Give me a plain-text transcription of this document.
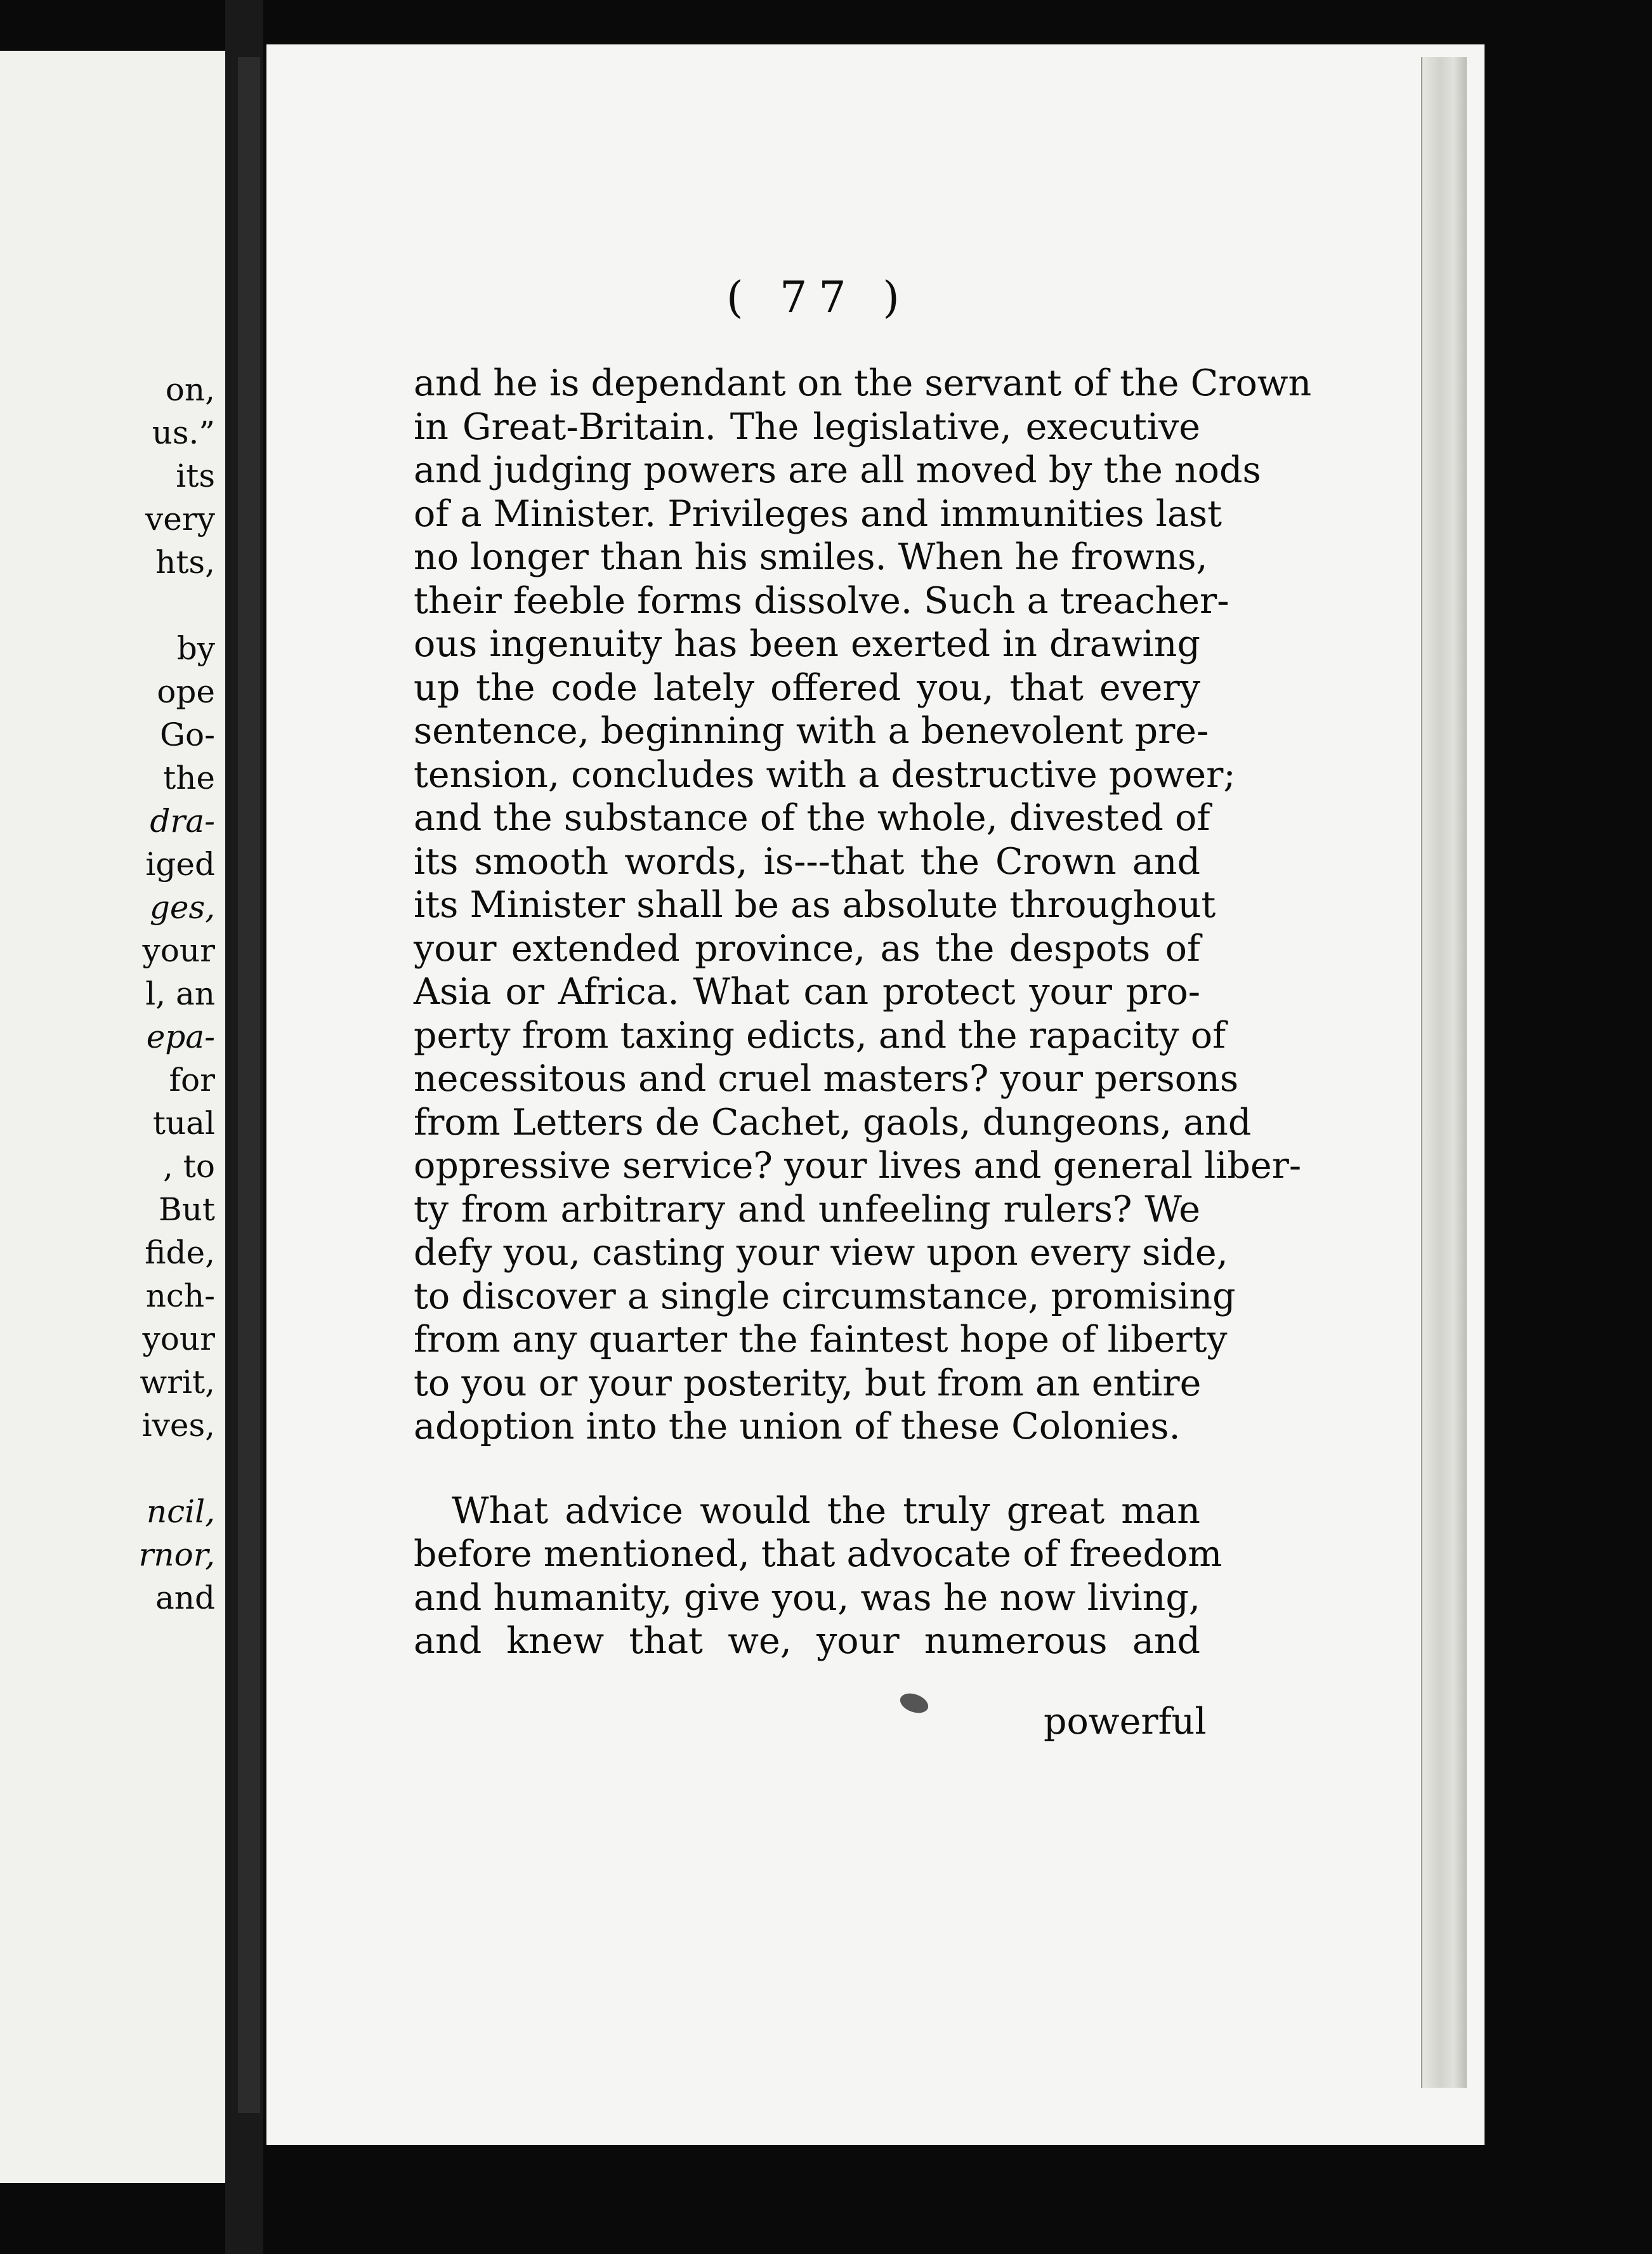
on,
us.”
its
very
hts,
by
ope
Go-
the
dra-
iged
ges,
your
l, an
epa-
for
tual
, to
But
fide,
nch-
your
writ,
ives,
ncil,
rnor,
and
( 77 )
and he is dependant on the servant of the Crown
in Great-Britain. The legislative, executive
and judging powers are all moved by the nods
of a Minister. Privileges and immunities last
no longer than his smiles. When he frowns,
their feeble forms dissolve. Such a treacher-
ous ingenuity has been exerted in drawing
up the code lately offered you, that every
sentence, beginning with a benevolent pre-
tension, concludes with a destructive power;
and the substance of the whole, divested of
its smooth words, is---that the Crown and
its Minister shall be as absolute throughout
your extended province, as the despots of
Asia or Africa. What can protect your pro-
perty from taxing edicts, and the rapacity of
necessitous and cruel masters? your persons
from Letters de Cachet, gaols, dungeons, and
oppressive service? your lives and general liber-
ty from arbitrary and unfeeling rulers? We
defy you, casting your view upon every side,
to discover a single circumstance, promising
from any quarter the faintest hope of liberty
to you or your posterity, but from an entire
adoption into the union of these Colonies.
What advice would the truly great man
before mentioned, that advocate of freedom
and humanity, give you, was he now living,
and knew that we, your numerous and
powerful
